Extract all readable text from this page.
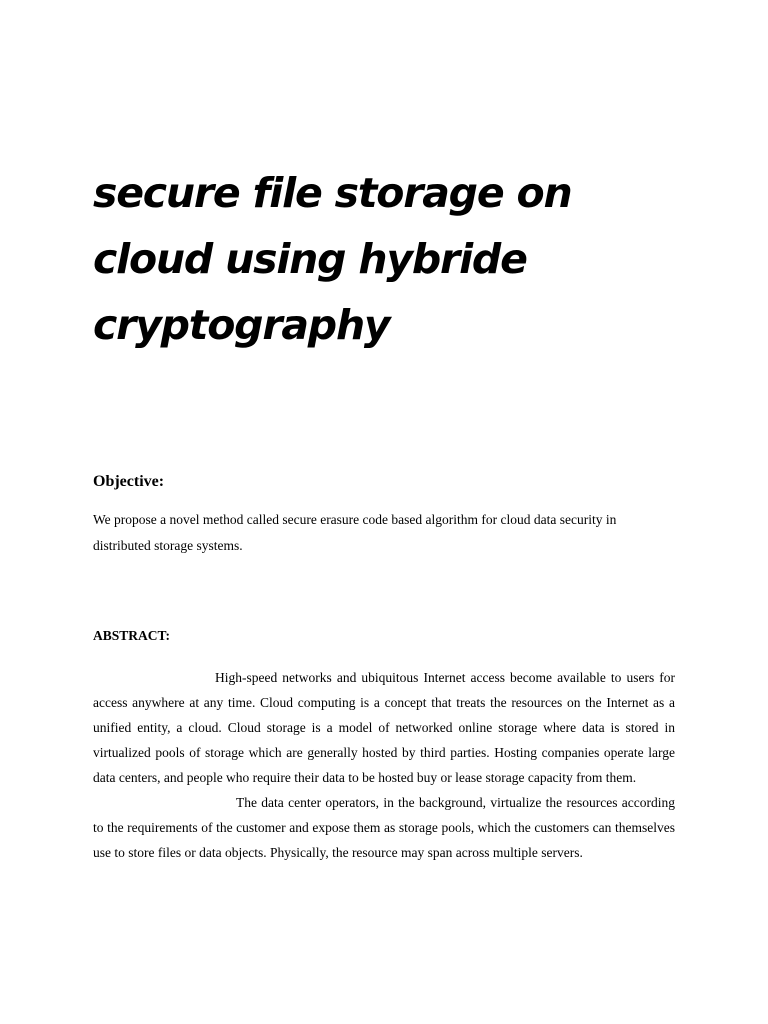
secure file storage on
cloud using hybride
cryptography
Objective:

We propose a novel method called secure erasure code based algorithm for cloud data security in distributed storage systems.

ABSTRACT:

High-speed networks and ubiquitous Internet access become available to users for access anywhere at any time. Cloud computing is a concept that treats the resources on the Internet as a unified entity, a cloud. Cloud storage is a model of networked online storage where data is stored in virtualized pools of storage which are generally hosted by third parties. Hosting companies operate large data centers, and people who require their data to be hosted buy or lease storage capacity from them.

The data center operators, in the background, virtualize the resources according to the requirements of the customer and expose them as storage pools, which the customers can themselves use to store files or data objects. Physically, the resource may span across multiple servers.
